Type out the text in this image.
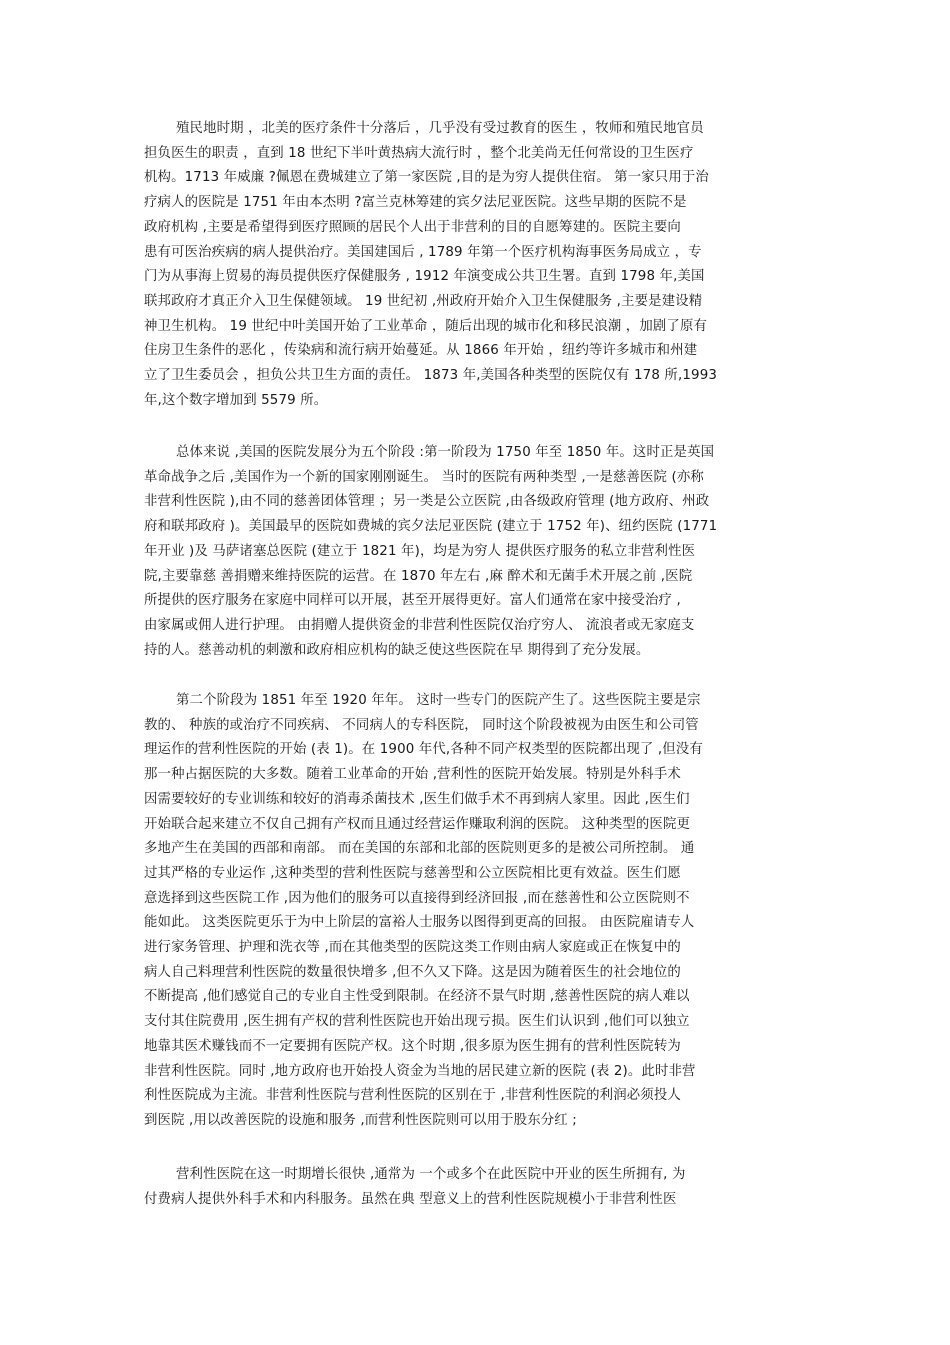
殖民地时期 ，北美的医疗条件十分落后 ，几乎没有受过教育的医生 ，牧师和殖民地官员
担负医生的职责 ，直到 18 世纪下半叶黄热病大流行时 ，整个北美尚无任何常设的卫生医疗
机构。1713 年威廉 ?佩恩在费城建立了第一家医院 ,目的是为穷人提供住宿。 第一家只用于治
疗病人的医院是 1751 年由本杰明 ?富兰克林筹建的宾夕法尼亚医院。这些早期的医院不是
政府机构 ,主要是希望得到医疗照顾的居民个人出于非营利的目的自愿筹建的。医院主要向
患有可医治疾病的病人提供治疗。美国建国后 , 1789 年第一个医疗机构海事医务局成立 ，专
门为从事海上贸易的海员提供医疗保健服务 , 1912 年演变成公共卫生署。直到 1798 年,美国
联邦政府才真正介入卫生保健领域。 19 世纪初 ,州政府开始介入卫生保健服务 ,主要是建设精
神卫生机构。 19 世纪中叶美国开始了工业革命 ，随后出现的城市化和移民浪潮 ，加剧了原有
住房卫生条件的恶化 ，传染病和流行病开始蔓延。从 1866 年开始 ，纽约等许多城市和州建
立了卫生委员会 ，担负公共卫生方面的责任。 1873 年,美国各种类型的医院仅有 178 所,1993
年,这个数字增加到 5579 所。
总体来说 ,美国的医院发展分为五个阶段 :第一阶段为 1750 年至 1850 年。这时正是英国
革命战争之后 ,美国作为一个新的国家刚刚诞生。 当时的医院有两种类型 ,一是慈善医院 (亦称
非营利性医院 ),由不同的慈善团体管理 ；另一类是公立医院 ,由各级政府管理 (地方政府、州政
府和联邦政府 )。美国最早的医院如费城的宾夕法尼亚医院 (建立于 1752 年)、纽约医院 (1771
年开业 )及 马萨诸塞总医院 (建立于 1821 年)，均是为穷人 提供医疗服务的私立非营利性医
院,主要靠慈 善捐赠来维持医院的运营。在 1870 年左右 ,麻 醉术和无菌手术开展之前 ,医院
所提供的医疗服务在家庭中同样可以开展，甚至开展得更好。富人们通常在家中接受治疗 ,
由家属或佣人进行护理。 由捐赠人提供资金的非营利性医院仅治疗穷人、 流浪者或无家庭支
持的人。慈善动机的刺激和政府相应机构的缺乏使这些医院在早 期得到了充分发展。
第二个阶段为 1851 年至 1920 年年。 这时一些专门的医院产生了。这些医院主要是宗
教的、 种族的或治疗不同疾病、 不同病人的专科医院， 同时这个阶段被视为由医生和公司管
理运作的营利性医院的开始 (表 1)。在 1900 年代,各种不同产权类型的医院都出现了 ,但没有
那一种占据医院的大多数。随着工业革命的开始 ,营利性的医院开始发展。特别是外科手术
因需要较好的专业训练和较好的消毒杀菌技术 ,医生们做手术不再到病人家里。因此 ,医生们
开始联合起来建立不仅自己拥有产权而且通过经营运作赚取利润的医院。 这种类型的医院更
多地产生在美国的西部和南部。 而在美国的东部和北部的医院则更多的是被公司所控制。 通
过其严格的专业运作 ,这种类型的营利性医院与慈善型和公立医院相比更有效益。医生们愿
意选择到这些医院工作 ,因为他们的服务可以直接得到经济回报 ,而在慈善性和公立医院则不
能如此。 这类医院更乐于为中上阶层的富裕人士服务以图得到更高的回报。 由医院雇请专人
进行家务管理、护理和洗衣等 ,而在其他类型的医院这类工作则由病人家庭或正在恢复中的
病人自己料理营利性医院的数量很快增多 ,但不久又下降。这是因为随着医生的社会地位的
不断提高 ,他们感觉自己的专业自主性受到限制。在经济不景气时期 ,慈善性医院的病人难以
支付其住院费用 ,医生拥有产权的营利性医院也开始出现亏损。医生们认识到 ,他们可以独立
地靠其医术赚钱而不一定要拥有医院产权。这个时期 ,很多原为医生拥有的营利性医院转为
非营利性医院。同时 ,地方政府也开始投人资金为当地的居民建立新的医院 (表 2)。此时非营
利性医院成为主流。非营利性医院与营利性医院的区别在于 ,非营利性医院的利润必须投人
到医院 ,用以改善医院的设施和服务 ,而营利性医院则可以用于股东分红 ;
营利性医院在这一时期增长很快 ,通常为 一个或多个在此医院中开业的医生所拥有, 为
付费病人提供外科手术和内科服务。虽然在典 型意义上的营利性医院规模小于非营利性医
